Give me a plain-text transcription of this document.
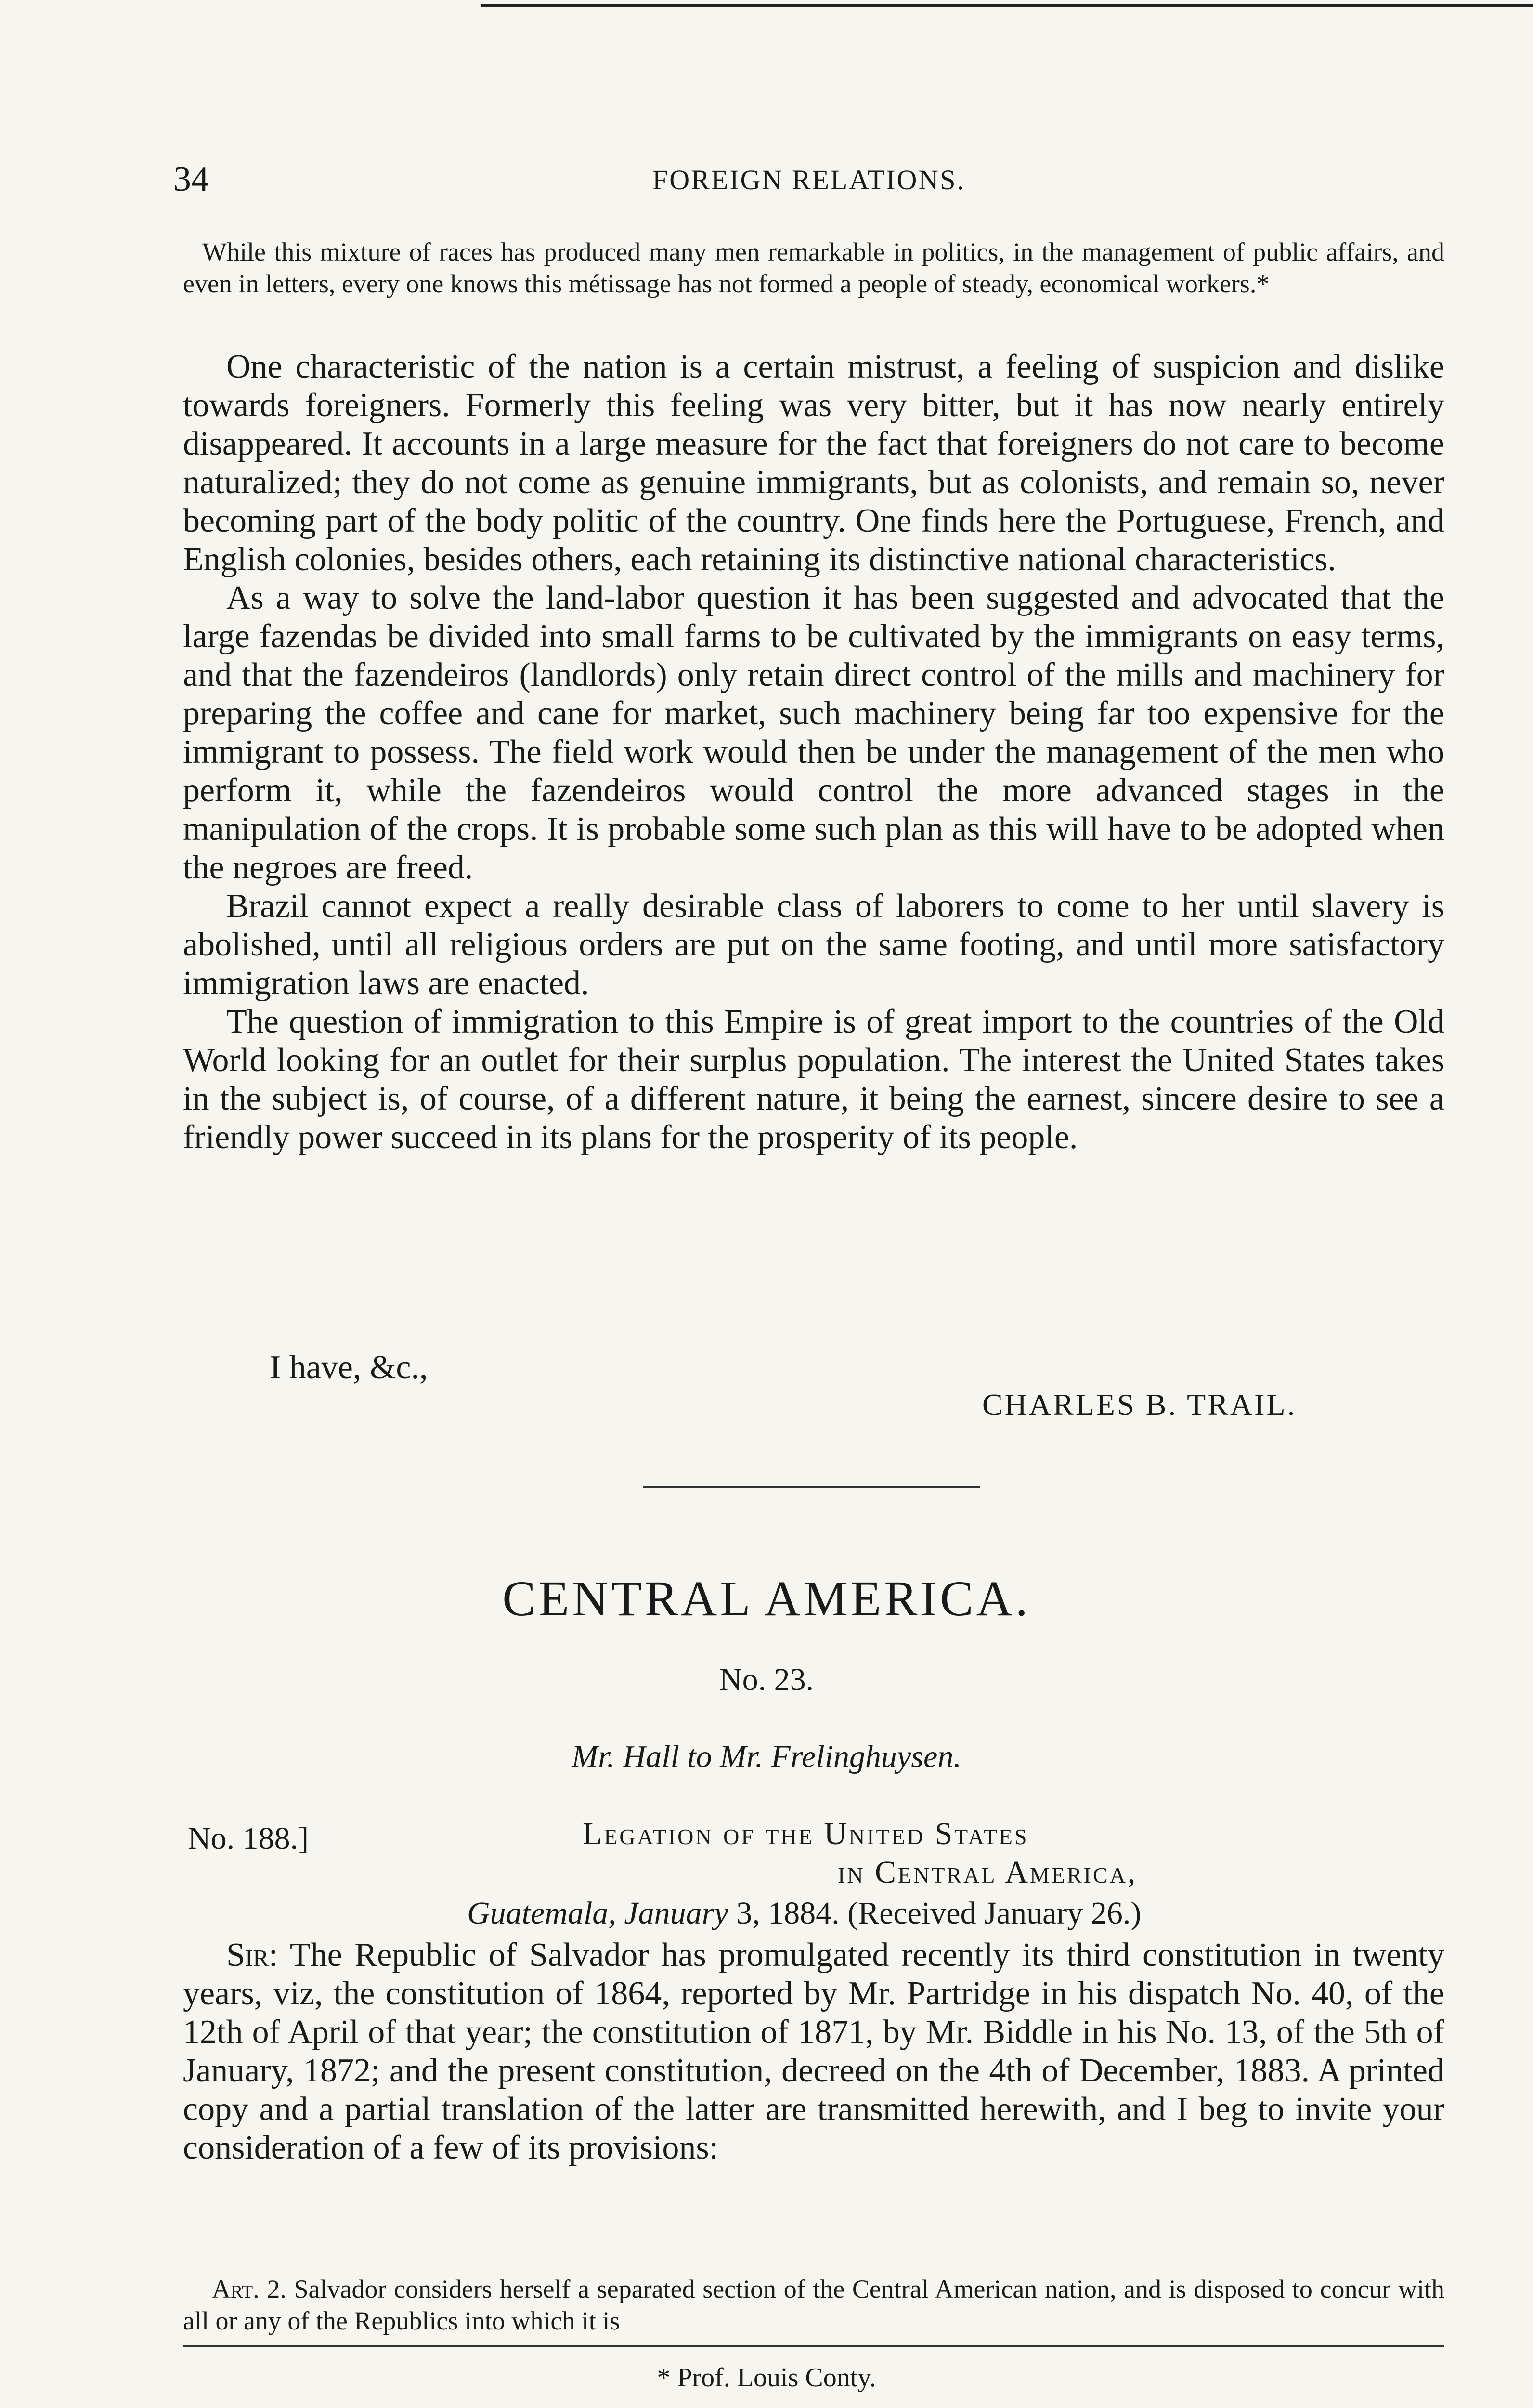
34	FOREIGN RELATIONS.
While this mixture of races has produced many men remarkable in politics, in the management of public affairs, and even in letters, every one knows this métissage has not formed a people of steady, economical workers.*

One characteristic of the nation is a certain mistrust, a feeling of suspicion and dislike towards foreigners. Formerly this feeling was very bitter, but it has now nearly entirely disappeared. It accounts in a large measure for the fact that foreigners do not care to become naturalized; they do not come as genuine immigrants, but as colonists, and remain so, never becoming part of the body politic of the country. One finds here the Portuguese, French, and English colonies, besides others, each retaining its distinctive national characteristics.

As a way to solve the land-labor question it has been suggested and advocated that the large fazendas be divided into small farms to be cultivated by the immigrants on easy terms, and that the fazendeiros (landlords) only retain direct control of the mills and machinery for preparing the coffee and cane for market, such machinery being far too expensive for the immigrant to possess. The field work would then be under the management of the men who perform it, while the fazendeiros would control the more advanced stages in the manipulation of the crops. It is probable some such plan as this will have to be adopted when the negroes are freed.

Brazil cannot expect a really desirable class of laborers to come to her until slavery is abolished, until all religious orders are put on the same footing, and until more satisfactory immigration laws are enacted.

The question of immigration to this Empire is of great import to the countries of the Old World looking for an outlet for their surplus population. The interest the United States takes in the subject is, of course, of a different nature, it being the earnest, sincere desire to see a friendly power succeed in its plans for the prosperity of its people.

I have, &c.,
CHARLES B. TRAIL.
CENTRAL AMERICA.
No. 23.
Mr. Hall to Mr. Frelinghuysen.
No. 188.]	Legation of the United States
in Central America,
Guatemala, January 3, 1884. (Received January 26.)

Sir: The Republic of Salvador has promulgated recently its third constitution in twenty years, viz, the constitution of 1864, reported by Mr. Partridge in his dispatch No. 40, of the 12th of April of that year; the constitution of 1871, by Mr. Biddle in his No. 13, of the 5th of January, 1872; and the present constitution, decreed on the 4th of December, 1883. A printed copy and a partial translation of the latter are transmitted herewith, and I beg to invite your consideration of a few of its provisions:

Art. 2. Salvador considers herself a separated section of the Central American nation, and is disposed to concur with all or any of the Republics into which it is
* Prof. Louis Conty.
